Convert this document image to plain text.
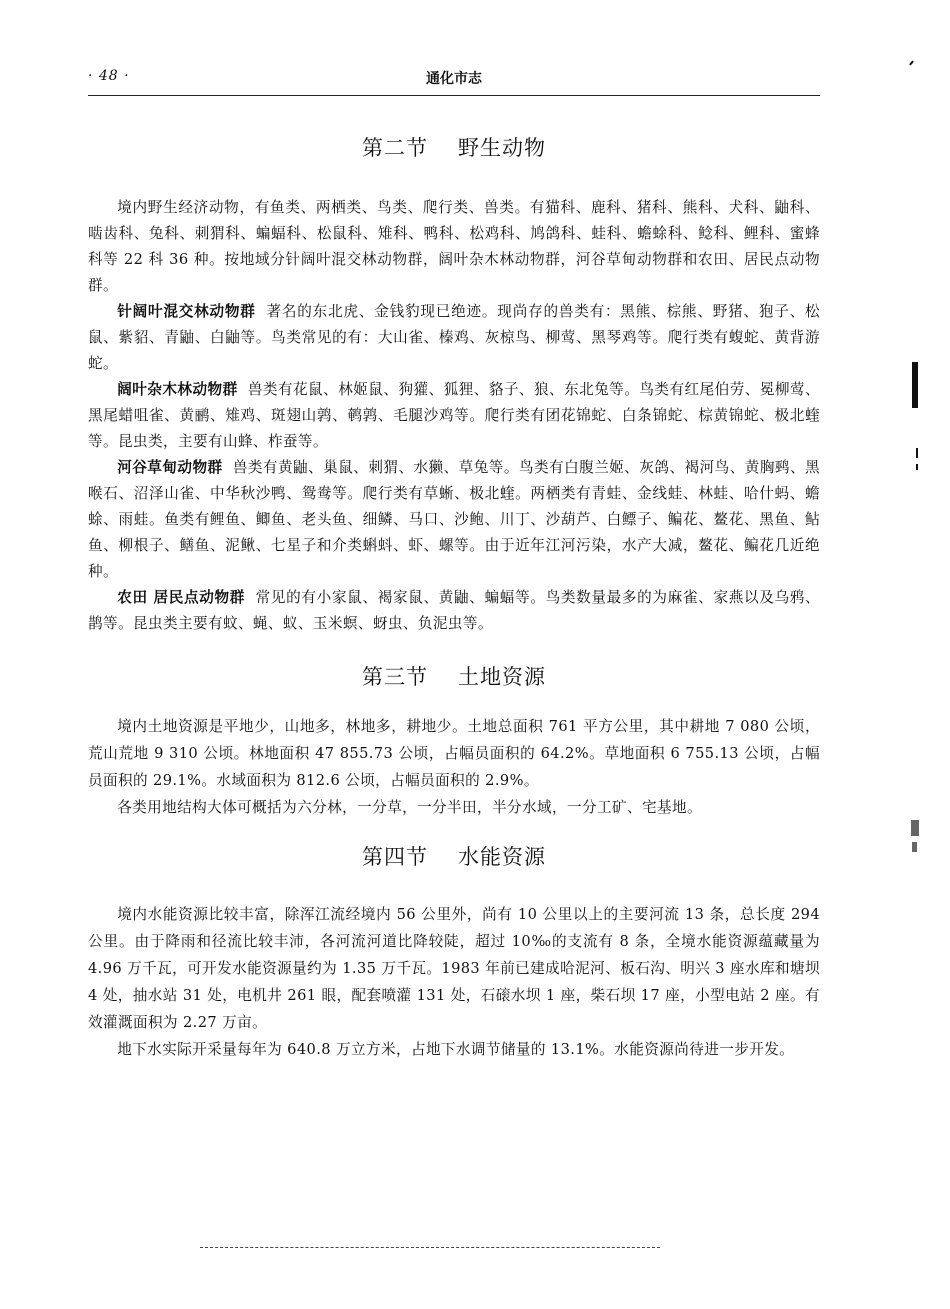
· 48 ·	通化市志
第二节 野生动物

境内野生经济动物，有鱼类、两栖类、鸟类、爬行类、兽类。有猫科、鹿科、猪科、熊科、犬科、鼬科、啮齿科、兔科、刺猬科、蝙蝠科、松鼠科、雉科、鸭科、松鸡科、鸠鸽科、蛙科、蟾蜍科、鲶科、鲤科、蜜蜂科等 22 科 36 种。按地域分针阔叶混交林动物群，阔叶杂木林动物群，河谷草甸动物群和农田、居民点动物群。

针阔叶混交林动物群 著名的东北虎、金钱豹现已绝迹。现尚存的兽类有：黑熊、棕熊、野猪、狍子、松鼠、紫貂、青鼬、白鼬等。鸟类常见的有：大山雀、榛鸡、灰椋鸟、柳莺、黑琴鸡等。爬行类有蝮蛇、黄背游蛇。

阔叶杂木林动物群 兽类有花鼠、林姬鼠、狗獾、狐狸、貉子、狼、东北兔等。鸟类有红尾伯劳、冕柳莺、黑尾蜡咀雀、黄鹂、雉鸡、斑翅山鹑、鹌鹑、毛腿沙鸡等。爬行类有团花锦蛇、白条锦蛇、棕黄锦蛇、极北蝰等。昆虫类，主要有山蜂、柞蚕等。

河谷草甸动物群 兽类有黄鼬、巢鼠、刺猬、水獭、草兔等。鸟类有白腹兰姬、灰鸽、褐河鸟、黄胸鹀、黑喉石、沼泽山雀、中华秋沙鸭、鸳鸯等。爬行类有草蜥、极北蝰。两栖类有青蛙、金线蛙、林蛙、哈什蚂、蟾蜍、雨蛙。鱼类有鲤鱼、鲫鱼、老头鱼、细鳞、马口、沙鲍、川丁、沙葫芦、白鳔子、鳊花、鳌花、黑鱼、鲇鱼、柳根子、鳝鱼、泥鳅、七星子和介类蝌蚪、虾、螺等。由于近年江河污染，水产大减，鳌花、鳊花几近绝种。

农田 居民点动物群 常见的有小家鼠、褐家鼠、黄鼬、蝙蝠等。鸟类数量最多的为麻雀、家燕以及乌鸦、鹊等。昆虫类主要有蚊、蝇、蚁、玉米螟、蚜虫、负泥虫等。

第三节 土地资源

境内土地资源是平地少，山地多，林地多，耕地少。土地总面积 761 平方公里，其中耕地 7 080 公顷，荒山荒地 9 310 公顷。林地面积 47 855.73 公顷，占幅员面积的 64.2%。草地面积 6 755.13 公顷，占幅员面积的 29.1%。水域面积为 812.6 公顷，占幅员面积的 2.9%。

各类用地结构大体可概括为六分林，一分草，一分半田，半分水域，一分工矿、宅基地。

第四节 水能资源

境内水能资源比较丰富，除浑江流经境内 56 公里外，尚有 10 公里以上的主要河流 13 条，总长度 294 公里。由于降雨和径流比较丰沛，各河流河道比降较陡，超过 10‰的支流有 8 条，全境水能资源蕴藏量为 4.96 万千瓦，可开发水能资源量约为 1.35 万千瓦。1983 年前已建成哈泥河、板石沟、明兴 3 座水库和塘坝 4 处，抽水站 31 处，电机井 261 眼，配套喷灌 131 处，石磙水坝 1 座，柴石坝 17 座，小型电站 2 座。有效灌溉面积为 2.27 万亩。

地下水实际开采量每年为 640.8 万立方米，占地下水调节储量的 13.1%。水能资源尚待进一步开发。
